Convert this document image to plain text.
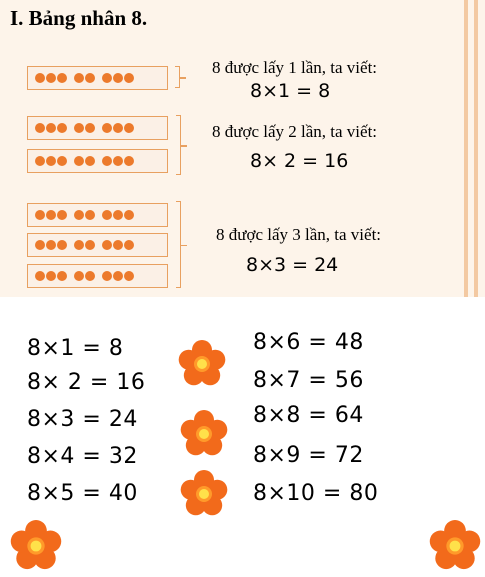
I. Bảng nhân 8.
8 được lấy 1 lần, ta viết:
8×1 = 8
8 được lấy 2 lần, ta viết:
8× 2 = 16
8 được lấy 3 lần, ta viết:
8×3 = 24
8×1 = 8
8× 2 = 16
8×3 = 24
8×4 = 32
8×5 = 40
8×6 = 48
8×7 = 56
8×8 = 64
8×9 = 72
8×10 = 80
